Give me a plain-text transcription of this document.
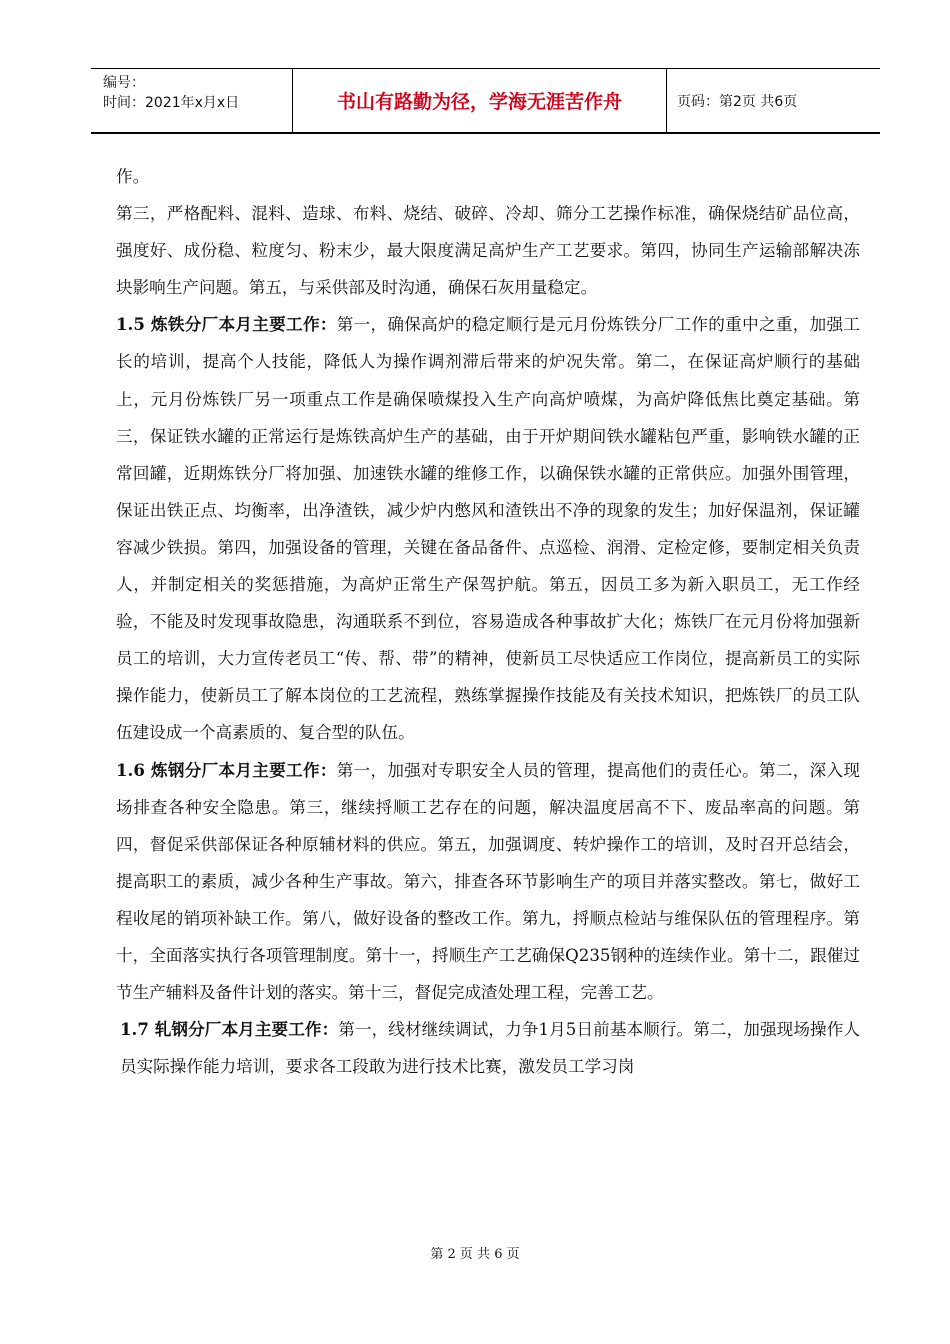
编号：
时间：2021年x月x日	书山有路勤为径，学海无涯苦作舟	页码：第2页 共6页

作。

第三，严格配料、混料、造球、布料、烧结、破碎、冷却、筛分工艺操作标准，确保烧结矿品位高，强度好、成份稳、粒度匀、粉末少，最大限度满足高炉生产工艺要求。第四，协同生产运输部解决冻块影响生产问题。第五，与采供部及时沟通，确保石灰用量稳定。

1.5 炼铁分厂本月主要工作：第一，确保高炉的稳定顺行是元月份炼铁分厂工作的重中之重，加强工长的培训，提高个人技能，降低人为操作调剂滞后带来的炉况失常。第二，在保证高炉顺行的基础上，元月份炼铁厂另一项重点工作是确保喷煤投入生产向高炉喷煤，为高炉降低焦比奠定基础。第三，保证铁水罐的正常运行是炼铁高炉生产的基础，由于开炉期间铁水罐粘包严重，影响铁水罐的正常回罐，近期炼铁分厂将加强、加速铁水罐的维修工作，以确保铁水罐的正常供应。加强外围管理，保证出铁正点、均衡率，出净渣铁，减少炉内憋风和渣铁出不净的现象的发生；加好保温剂，保证罐容减少铁损。第四，加强设备的管理，关键在备品备件、点巡检、润滑、定检定修，要制定相关负责人，并制定相关的奖惩措施，为高炉正常生产保驾护航。第五，因员工多为新入职员工，无工作经验，不能及时发现事故隐患，沟通联系不到位，容易造成各种事故扩大化；炼铁厂在元月份将加强新员工的培训，大力宣传老员工“传、帮、带”的精神，使新员工尽快适应工作岗位，提高新员工的实际操作能力，使新员工了解本岗位的工艺流程，熟练掌握操作技能及有关技术知识，把炼铁厂的员工队伍建设成一个高素质的、复合型的队伍。

1.6 炼钢分厂本月主要工作：第一，加强对专职安全人员的管理，提高他们的责任心。第二，深入现场排查各种安全隐患。第三，继续捋顺工艺存在的问题，解决温度居高不下、废品率高的问题。第四，督促采供部保证各种原辅材料的供应。第五，加强调度、转炉操作工的培训，及时召开总结会，提高职工的素质，减少各种生产事故。第六，排查各环节影响生产的项目并落实整改。第七，做好工程收尾的销项补缺工作。第八，做好设备的整改工作。第九，捋顺点检站与维保队伍的管理程序。第十，全面落实执行各项管理制度。第十一，捋顺生产工艺确保Q235钢种的连续作业。第十二，跟催过节生产辅料及备件计划的落实。第十三，督促完成渣处理工程，完善工艺。

1.7 轧钢分厂本月主要工作：第一，线材继续调试，力争1月5日前基本顺行。第二，加强现场操作人员实际操作能力培训，要求各工段敢为进行技术比赛，激发员工学习岗

第 2 页 共 6 页
